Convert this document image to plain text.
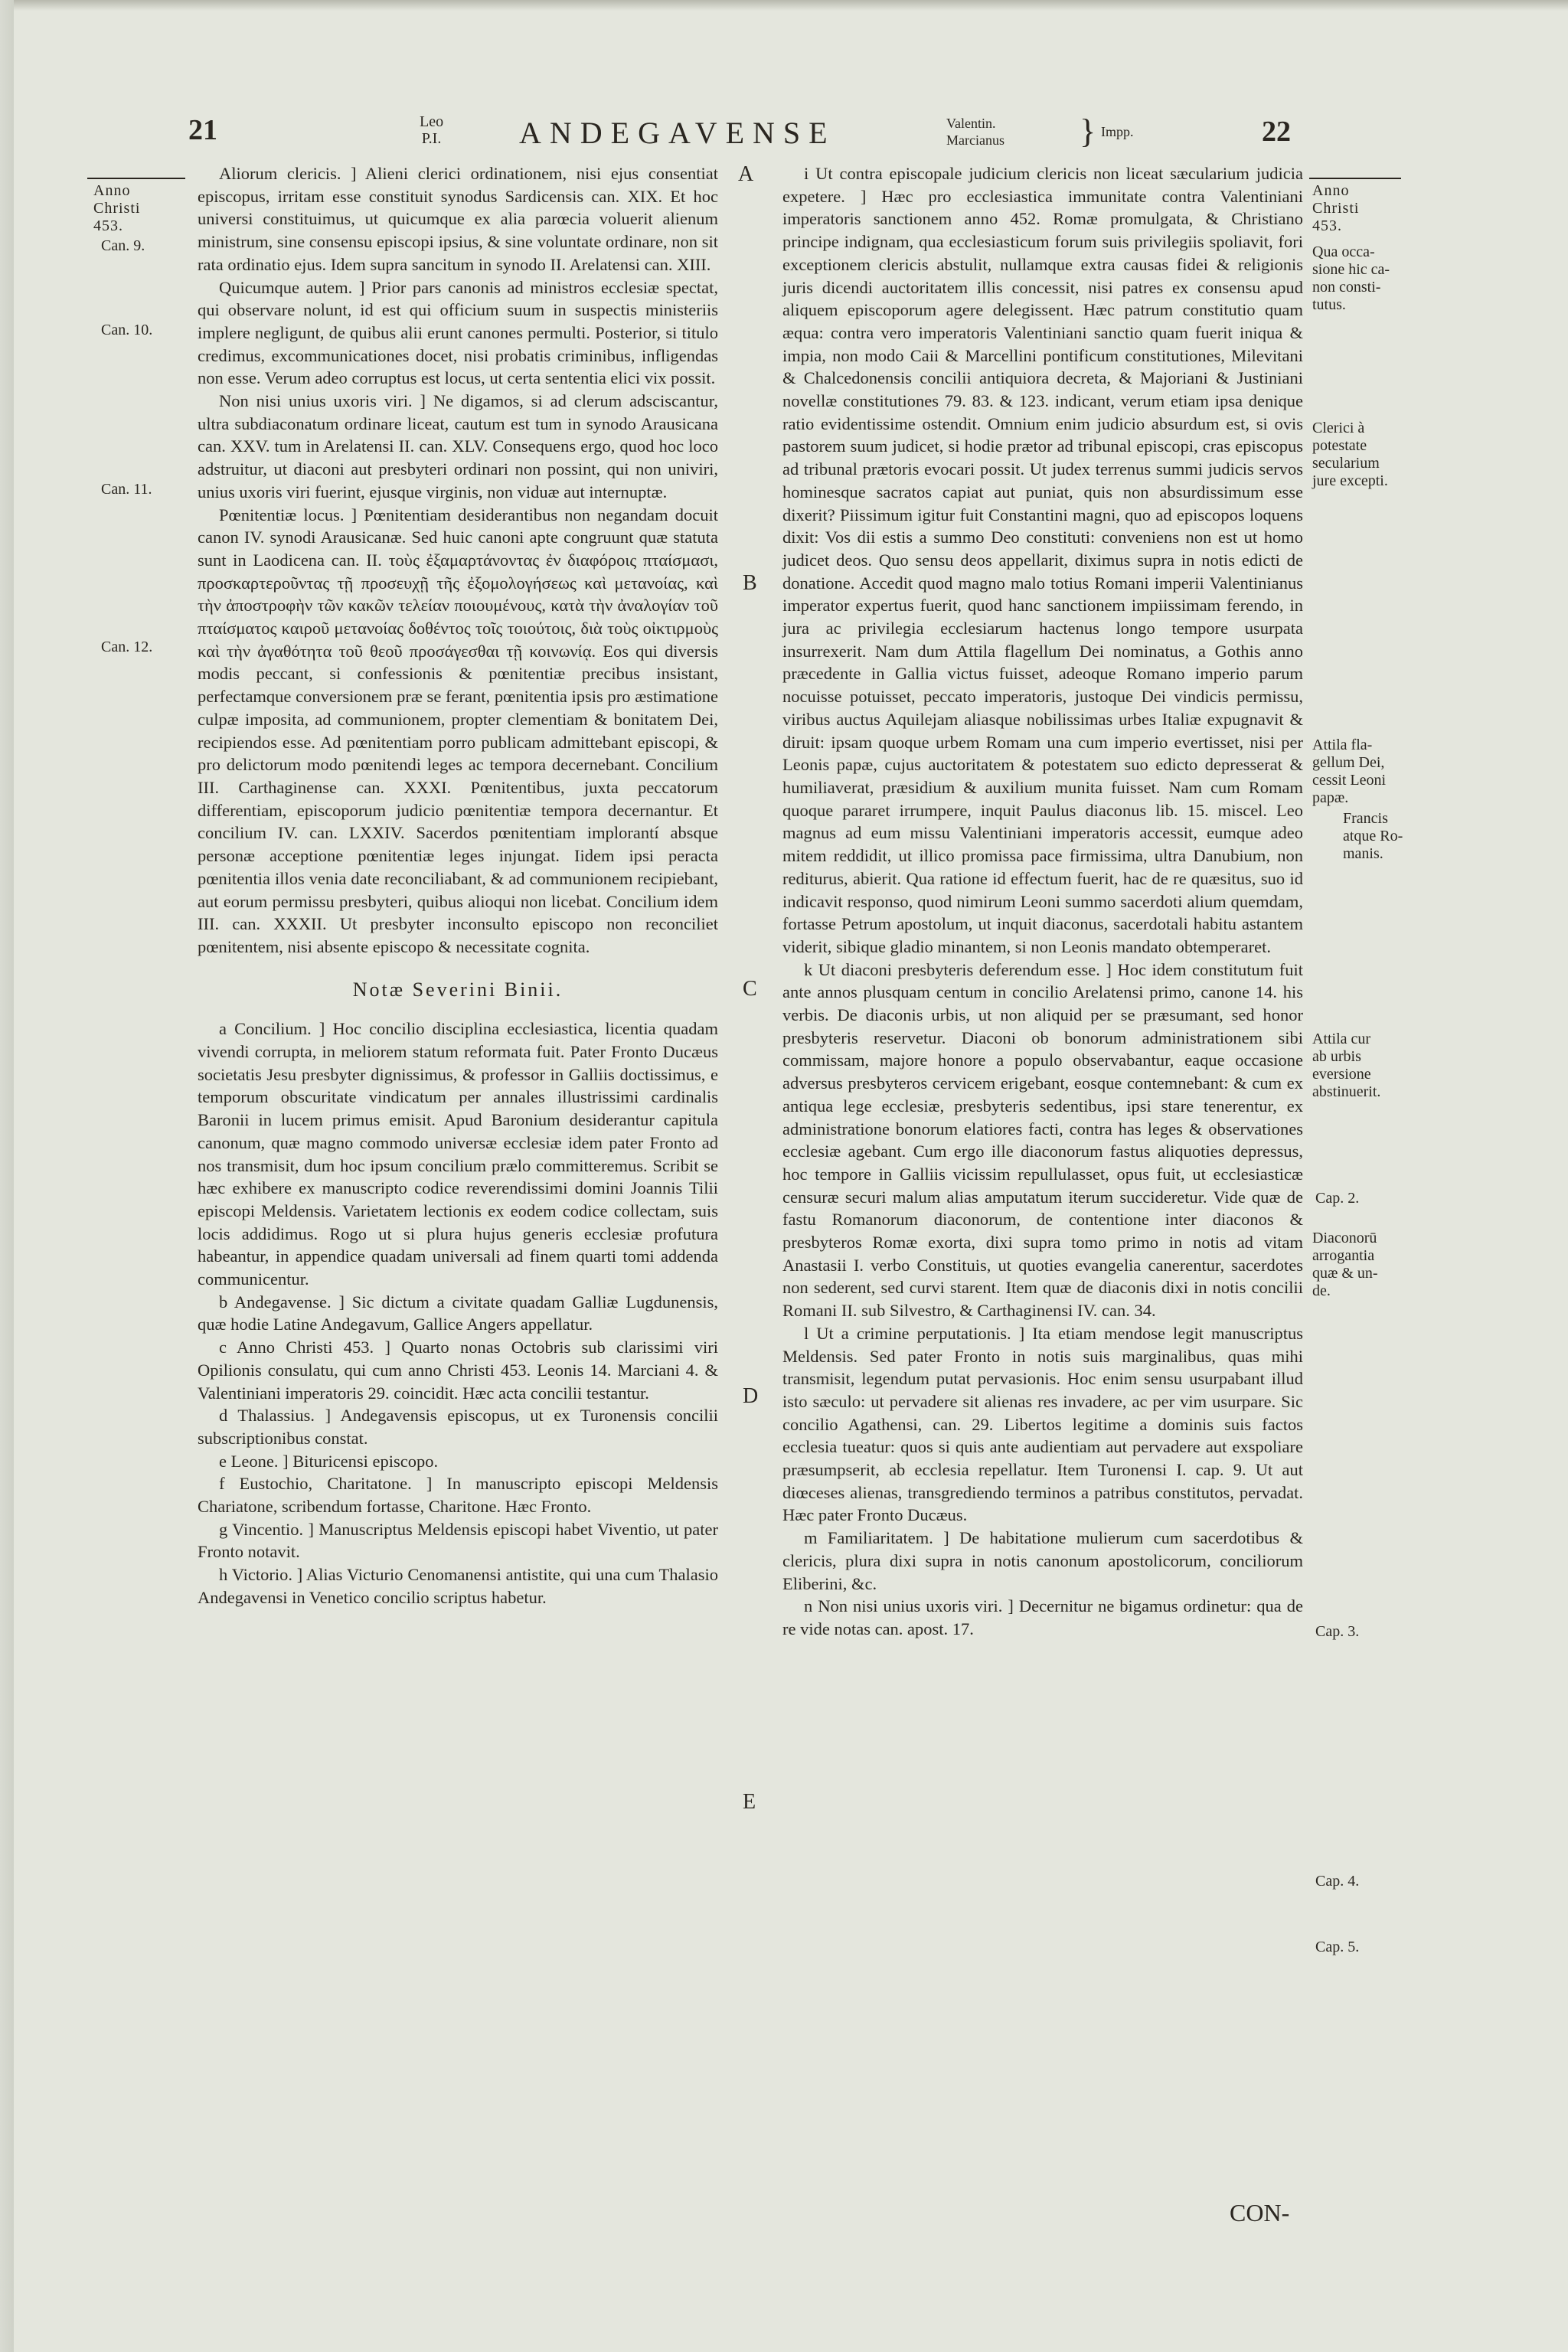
21	Leo
P.I.	ANDEGAVENSE	Valentin.
Marcianus } Impp.	22
Anno
Christi
453.
Can. 9.
Can. 10.
Can. 11.
Can. 12.
Anno
Christi
453.
Qua occa-
sione hic ca-
non consti-
tutus.
Clerici à
potestate
secularium
jure excepti.
Attila fla-
gellum Dei,
cessit Leoni
papæ.
Francis
atque Ro-
manis.
Attila cur
ab urbis
eversione
abstinuerit.
Cap. 2.
Diaconorū
arrogantia
quæ & un-
de.
Cap. 3.
Cap. 4.
Cap. 5.
A
B
C
D
E

Aliorum clericis. ] Alieni clerici ordinationem, nisi ejus consentiat episcopus, irritam esse constituit synodus Sardicensis can. XIX. Et hoc universi constituimus, ut quicumque ex alia parœcia voluerit alienum ministrum, sine consensu episcopi ipsius, & sine voluntate ordinare, non sit rata ordinatio ejus. Idem supra sancitum in synodo II. Arelatensi can. XIII.

Quicumque autem. ] Prior pars canonis ad ministros ecclesiæ spectat, qui observare nolunt, id est qui officium suum in suspectis ministeriis implere negligunt, de quibus alii erunt canones permulti. Posterior, si titulo credimus, excommunicationes docet, nisi probatis criminibus, infligendas non esse. Verum adeo corruptus est locus, ut certa sententia elici vix possit.

Non nisi unius uxoris viri. ] Ne digamos, si ad clerum adsciscantur, ultra subdiaconatum ordinare liceat, cautum est tum in synodo Arausicana can. XXV. tum in Arelatensi II. can. XLV. Consequens ergo, quod hoc loco adstruitur, ut diaconi aut presbyteri ordinari non possint, qui non univiri, unius uxoris viri fuerint, ejusque virginis, non viduæ aut internuptæ.

Pœnitentiæ locus. ] Pœnitentiam desiderantibus non negandam docuit canon IV. synodi Arausicanæ. Sed huic canoni apte congruunt quæ statuta sunt in Laodicena can. II. τοὺς ἐξαμαρτάνοντας ἐν διαφόροις πταίσμασι, προσκαρτεροῦντας τῇ προσευχῇ τῆς ἐξομολογήσεως καὶ μετανοίας, καὶ τὴν ἀποστροφὴν τῶν κακῶν τελείαν ποιουμένους, κατὰ τὴν ἀναλογίαν τοῦ πταίσματος καιροῦ μετανοίας δοθέντος τοῖς τοιούτοις, διὰ τοὺς οἰκτιρμοὺς καὶ τὴν ἀγαθότητα τοῦ θεοῦ προσάγεσθαι τῇ κοινωνίᾳ. Eos qui diversis modis peccant, si confessionis & pœnitentiæ precibus insistant, perfectamque conversionem præ se ferant, pœnitentia ipsis pro æstimatione culpæ imposita, ad communionem, propter clementiam & bonitatem Dei, recipiendos esse. Ad pœnitentiam porro publicam admittebant episcopi, & pro delictorum modo pœnitendi leges ac tempora decernebant. Concilium III. Carthaginense can. XXXI. Pœnitentibus, juxta peccatorum differentiam, episcoporum judicio pœnitentiæ tempora decernantur. Et concilium IV. can. LXXIV. Sacerdos pœnitentiam implorantí absque personæ acceptione pœnitentiæ leges injungat. Iidem ipsi peracta pœnitentia illos venia date reconciliabant, & ad communionem recipiebant, aut eorum permissu presbyteri, quibus alioqui non licebat. Concilium idem III. can. XXXII. Ut presbyter inconsulto episcopo non reconciliet pœnitentem, nisi absente episcopo & necessitate cognita.

Notæ Severini Binii.

a Concilium. ] Hoc concilio disciplina ecclesiastica, licentia quadam vivendi corrupta, in meliorem statum reformata fuit. Pater Fronto Ducæus societatis Jesu presbyter dignissimus, & professor in Galliis doctissimus, e temporum obscuritate vindicatum per annales illustrissimi cardinalis Baronii in lucem primus emisit. Apud Baronium desiderantur capitula canonum, quæ magno commodo universæ ecclesiæ idem pater Fronto ad nos transmisit, dum hoc ipsum concilium prælo committeremus. Scribit se hæc exhibere ex manuscripto codice reverendissimi domini Joannis Tilii episcopi Meldensis. Varietatem lectionis ex eodem codice collectam, suis locis addidimus. Rogo ut si plura hujus generis ecclesiæ profutura habeantur, in appendice quadam universali ad finem quarti tomi addenda communicentur.

b Andegavense. ] Sic dictum a civitate quadam Galliæ Lugdunensis, quæ hodie Latine Andegavum, Gallice Angers appellatur.

c Anno Christi 453. ] Quarto nonas Octobris sub clarissimi viri Opilionis consulatu, qui cum anno Christi 453. Leonis 14. Marciani 4. & Valentiniani imperatoris 29. coincidit. Hæc acta concilii testantur.

d Thalassius. ] Andegavensis episcopus, ut ex Turonensis concilii subscriptionibus constat.

e Leone. ] Bituricensi episcopo.

f Eustochio, Charitatone. ] In manuscripto episcopi Meldensis Chariatone, scribendum fortasse, Charitone. Hæc Fronto.

g Vincentio. ] Manuscriptus Meldensis episcopi habet Viventio, ut pater Fronto notavit.

h Victorio. ] Alias Victurio Cenomanensi antistite, qui una cum Thalasio Andegavensi in Venetico concilio scriptus habetur.

i Ut contra episcopale judicium clericis non liceat sæcularium judicia expetere. ] Hæc pro ecclesiastica immunitate contra Valentiniani imperatoris sanctionem anno 452. Romæ promulgata, & Christiano principe indignam, qua ecclesiasticum forum suis privilegiis spoliavit, fori exceptionem clericis abstulit, nullamque extra causas fidei & religionis juris dicendi auctoritatem illis concessit, nisi patres ex consensu apud aliquem episcoporum agere delegissent. Hæc patrum constitutio quam æqua: contra vero imperatoris Valentiniani sanctio quam fuerit iniqua & impia, non modo Caii & Marcellini pontificum constitutiones, Milevitani & Chalcedonensis concilii antiquiora decreta, & Majoriani & Justiniani novellæ constitutiones 79. 83. & 123. indicant, verum etiam ipsa denique ratio evidentissime ostendit. Omnium enim judicio absurdum est, si ovis pastorem suum judicet, si hodie prætor ad tribunal episcopi, cras episcopus ad tribunal prætoris evocari possit. Ut judex terrenus summi judicis servos hominesque sacratos capiat aut puniat, quis non absurdissimum esse dixerit? Piissimum igitur fuit Constantini magni, quo ad episcopos loquens dixit: Vos dii estis a summo Deo constituti: conveniens non est ut homo judicet deos. Quo sensu deos appellarit, diximus supra in notis edicti de donatione. Accedit quod magno malo totius Romani imperii Valentinianus imperator expertus fuerit, quod hanc sanctionem impiissimam ferendo, in jura ac privilegia ecclesiarum hactenus longo tempore usurpata insurrexerit. Nam dum Attila flagellum Dei nominatus, a Gothis anno præcedente in Gallia victus fuisset, adeoque Romano imperio parum nocuisse potuisset, peccato imperatoris, justoque Dei vindicis permissu, viribus auctus Aquilejam aliasque nobilissimas urbes Italiæ expugnavit & diruit: ipsam quoque urbem Romam una cum imperio evertisset, nisi per Leonis papæ, cujus auctoritatem & potestatem suo edicto depresserat & humiliaverat, præsidium & auxilium munita fuisset. Nam cum Romam quoque pararet irrumpere, inquit Paulus diaconus lib. 15. miscel. Leo magnus ad eum missu Valentiniani imperatoris accessit, eumque adeo mitem reddidit, ut illico promissa pace firmissima, ultra Danubium, non rediturus, abierit. Qua ratione id effectum fuerit, hac de re quæsitus, suo id indicavit responso, quod nimirum Leoni summo sacerdoti alium quemdam, fortasse Petrum apostolum, ut inquit diaconus, sacerdotali habitu astantem viderit, sibique gladio minantem, si non Leonis mandato obtemperaret.

k Ut diaconi presbyteris deferendum esse. ] Hoc idem constitutum fuit ante annos plusquam centum in concilio Arelatensi primo, canone 14. his verbis. De diaconis urbis, ut non aliquid per se præsumant, sed honor presbyteris reservetur. Diaconi ob bonorum administrationem sibi commissam, majore honore a populo observabantur, eaque occasione adversus presbyteros cervicem erigebant, eosque contemnebant: & cum ex antiqua lege ecclesiæ, presbyteris sedentibus, ipsi stare tenerentur, ex administratione bonorum elatiores facti, contra has leges & observationes ecclesiæ agebant. Cum ergo ille diaconorum fastus aliquoties depressus, hoc tempore in Galliis vicissim repullulasset, opus fuit, ut ecclesiasticæ censuræ securi malum alias amputatum iterum succideretur. Vide quæ de fastu Romanorum diaconorum, de contentione inter diaconos & presbyteros Romæ exorta, dixi supra tomo primo in notis ad vitam Anastasii I. verbo Constituis, ut quoties evangelia canerentur, sacerdotes non sederent, sed curvi starent. Item quæ de diaconis dixi in notis concilii Romani II. sub Silvestro, & Carthaginensi IV. can. 34.

l Ut a crimine perputationis. ] Ita etiam mendose legit manuscriptus Meldensis. Sed pater Fronto in notis suis marginalibus, quas mihi transmisit, legendum putat pervasionis. Hoc enim sensu usurpabant illud isto sæculo: ut pervadere sit alienas res invadere, ac per vim usurpare. Sic concilio Agathensi, can. 29. Libertos legitime a dominis suis factos ecclesia tueatur: quos si quis ante audientiam aut pervadere aut exspoliare præsumpserit, ab ecclesia repellatur. Item Turonensi I. cap. 9. Ut aut diœceses alienas, transgrediendo terminos a patribus constitutos, pervadat. Hæc pater Fronto Ducæus.

m Familiaritatem. ] De habitatione mulierum cum sacerdotibus & clericis, plura dixi supra in notis canonum apostolicorum, conciliorum Eliberini, &c.

n Non nisi unius uxoris viri. ] Decernitur ne bigamus ordinetur: qua de re vide notas can. apost. 17.

CON-
